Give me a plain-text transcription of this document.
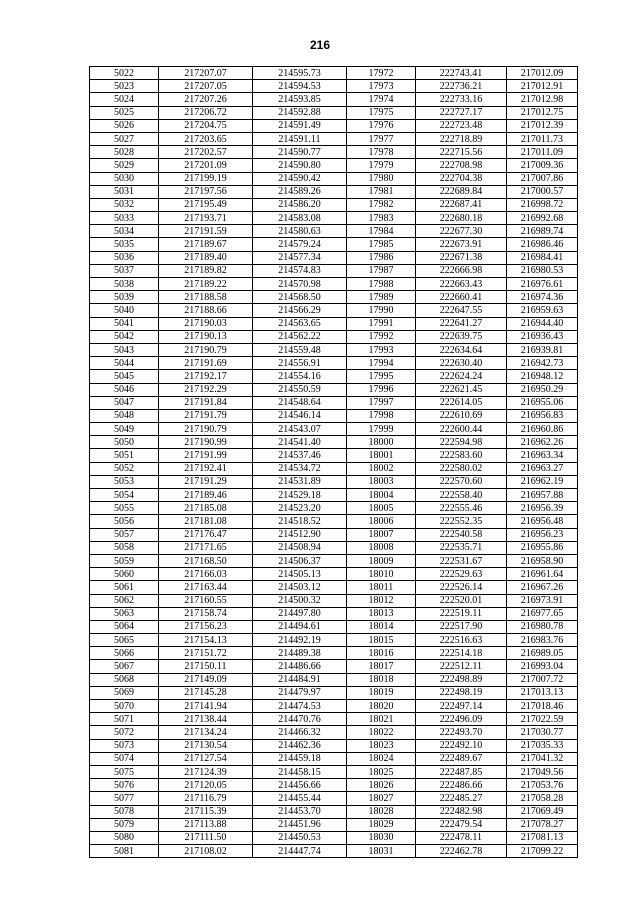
216
5022	217207.07	214595.73	17972	222743.41	217012.09
5023	217207.05	214594.53	17973	222736.21	217012.91
5024	217207.26	214593.85	17974	222733.16	217012.98
5025	217206.72	214592.88	17975	222727.17	217012.75
5026	217204.75	214591.49	17976	222723.48	217012.39
5027	217203.65	214591.11	17977	222718.89	217011.73
5028	217202.57	214590.77	17978	222715.56	217011.09
5029	217201.09	214590.80	17979	222708.98	217009.36
5030	217199.19	214590.42	17980	222704.38	217007.86
5031	217197.56	214589.26	17981	222689.84	217000.57
5032	217195.49	214586.20	17982	222687.41	216998.72
5033	217193.71	214583.08	17983	222680.18	216992.68
5034	217191.59	214580.63	17984	222677.30	216989.74
5035	217189.67	214579.24	17985	222673.91	216986.46
5036	217189.40	214577.34	17986	222671.38	216984.41
5037	217189.82	214574.83	17987	222666.98	216980.53
5038	217189.22	214570.98	17988	222663.43	216976.61
5039	217188.58	214568.50	17989	222660.41	216974.36
5040	217188.66	214566.29	17990	222647.55	216959.63
5041	217190.03	214563.65	17991	222641.27	216944.40
5042	217190.13	214562.22	17992	222639.75	216936.43
5043	217190.79	214559.48	17993	222634.64	216939.81
5044	217191.69	214556.91	17994	222630.40	216942.73
5045	217192.17	214554.16	17995	222624.24	216948.12
5046	217192.29	214550.59	17996	222621.45	216950.29
5047	217191.84	214548.64	17997	222614.05	216955.06
5048	217191.79	214546.14	17998	222610.69	216956.83
5049	217190.79	214543.07	17999	222600.44	216960.86
5050	217190.99	214541.40	18000	222594.98	216962.26
5051	217191.99	214537.46	18001	222583.60	216963.34
5052	217192.41	214534.72	18002	222580.02	216963.27
5053	217191.29	214531.89	18003	222570.60	216962.19
5054	217189.46	214529.18	18004	222558.40	216957.88
5055	217185.08	214523.20	18005	222555.46	216956.39
5056	217181.08	214518.52	18006	222552.35	216956.48
5057	217176.47	214512.90	18007	222540.58	216956.23
5058	217171.65	214508.94	18008	222535.71	216955.86
5059	217168.50	214506.37	18009	222531.67	216958.90
5060	217166.03	214505.13	18010	222529.63	216961.64
5061	217163.44	214503.12	18011	222526.14	216967.26
5062	217160.55	214500.32	18012	222520.01	216973.91
5063	217158.74	214497.80	18013	222519.11	216977.65
5064	217156.23	214494.61	18014	222517.90	216980.78
5065	217154.13	214492.19	18015	222516.63	216983.76
5066	217151.72	214489.38	18016	222514.18	216989.05
5067	217150.11	214486.66	18017	222512.11	216993.04
5068	217149.09	214484.91	18018	222498.89	217007.72
5069	217145.28	214479.97	18019	222498.19	217013.13
5070	217141.94	214474.53	18020	222497.14	217018.46
5071	217138.44	214470.76	18021	222496.09	217022.59
5072	217134.24	214466.32	18022	222493.70	217030.77
5073	217130.54	214462.36	18023	222492.10	217035.33
5074	217127.54	214459.18	18024	222489.67	217041.32
5075	217124.39	214458.15	18025	222487.85	217049.56
5076	217120.05	214456.66	18026	222486.66	217053.76
5077	217116.79	214455.44	18027	222485.27	217058.28
5078	217115.39	214453.70	18028	222482.98	217069.49
5079	217113.88	214451.96	18029	222479.54	217078.27
5080	217111.50	214450.53	18030	222478.11	217081.13
5081	217108.02	214447.74	18031	222462.78	217099.22
